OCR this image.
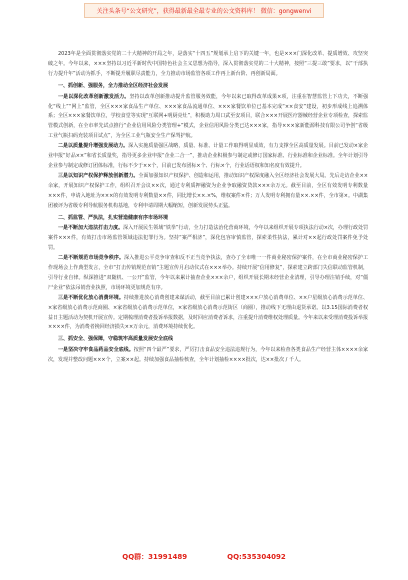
关注头条号“公文研究”，获得最新最全最专业的公文资料库！ 微信：gongwenvi

2023年是全面贯彻落实党的二十大精神的开局之年，是落实“十四五”规划承上启下的关键一年，也是×××门深化改革、提质增效、攻坚突破之年。今年以来，×××坚持以习近平新时代中国特色社会主义思想为指导，深入贯彻落实党的二十大精神，按照“三提三敢”要求，以“干部执行力提升年”活动为抓手，不断提升履职尽责能力，全力推动市场监管各项工作再上新台阶、再创新局面。

一、抓创新、强服务，全力推动全区经济社会发展

一是以深化改革创新激发活力。坚持以改革创新推动提升监管服务效能，今年以来已取得改革成果×项，注重在智慧监管上下功夫，不断强化“线上”“网上”监管，全区×××家食品生产单位、×××家食品流通单位、×××家餐饮单位已基本完成“××食安”建设，初步形成线上追溯体系；全区×××家餐饮单位，学校食堂等实现“互联网+明厨亮灶”，积极助力周口武至安项目，联合×××开展医疗器械经营企业专项检查，探索监管模式创新，在全市率先试点推行“企业信用风险分类管理+”模式，企业信用风险分类已达×××家，指导×××家新能源科技有限公司争创“省级工业气瓶扫码充装项目试点”，为全区工业气瓶安全生产保驾护航。

二是以质量提升增强发展动力。深入实施质量强区战略，质量、标准、计量工作取得明显成效，有力支撑全区高质量发展。目前已发动×家企业申报“好品××”和省长质量奖，指导更多企业申报“企业二合一”，推动企业积极参与制定或修订国家标准、行业标准和企业标准。全年计划引导企业参与制定或修订团体标准，行标不少于××个，目前已发布团标×个、行标×个，行业话语权和知名度有效提升。

三是以知识产权保护释放创新潜力。全面加强知识产权保护、创造和运用，推动知识产权深度融入全区经济社会发展大局。先后走访企业××余家，开展知识产权保护工作，组织召开会议××次，通过专利质押融资为企业争取融资贷款×××余万元。截至目前，全区有效发明专利数量×××件，申请入地址为×××的有效发明专利数量××件，同比增长××.×%，维权案件×件；万人发明专利拥有量××.××件，全市第×。中湖集团被评为省级专利导航服务机构基地，专利申请周期大幅缩短，创新发展势头正猛。

二、抓监管、严执法，扎实营造健康有序市场环境

一是不断加大违法打击力度。深入开展民生领域“铁拳”行动，全力打造法治化营商环境，今年以来组织开展专项执法行动×次，办理行政处罚案件×××件，有效打击市场监管领域违法犯罪行为。坚持“案严相济”，深化包容审慎监管，探索柔性执法，累计对××起行政处罚案件免予处罚。

二是不断规范市场竞争秩序。深入推进公平竞争审查和反不正当竞争执法，查办了全市唯一一件商业秘密保护案件，在全市商业秘密保护工作现场会上作典型发言，全市“打击传销规范直销”主题宣传月启动仪式在×××举办。持续开展“信用修复”，探索建立跨部门失信联动监管机制，引导行业自律。纵深推进“双随机、一公开”监管，今年以来累计抽查企业×××余户，组织开展长期未经营企业清理，引导办理注销手续，对“僵尸企业”依法吊销营业执照，市场环境更加规范有序。

三是不断优化放心消费环境。持续推进放心消费创建来谋活动，截至目前已累计创建×××户放心消费单位、××户星级放心消费示范单位、×家省级放心消费示范商圈、×家省级放心消费示范单位，×家省级放心消费示范街区（商圈），推动线下无理由退货承诺。以3.15国际消费者权益日主题活动为契机开展宣传。定期梳理消费者投诉举报数据，及时回应消费者诉求，注重提升消费维权处理质量。今年来以来受理消费投诉举报××××件，为消费者挽回经济损失××万余元，消费环境持续优化。

三、抓安全、强保障，守稳筑牢高质量发展安全底线

一是坚决守牢食品药品安全底线。按照“四个最严”要求，严厉打击食品安全违法违规行为，今年以来检查各类食品生产经营主体××××余家次，发现并整改问题×××个，立案××起。持续加强食品抽检核查，全年计划抽检××××批次，达××批次 / 千人。

QQ群：31991489	QQ:535304092
